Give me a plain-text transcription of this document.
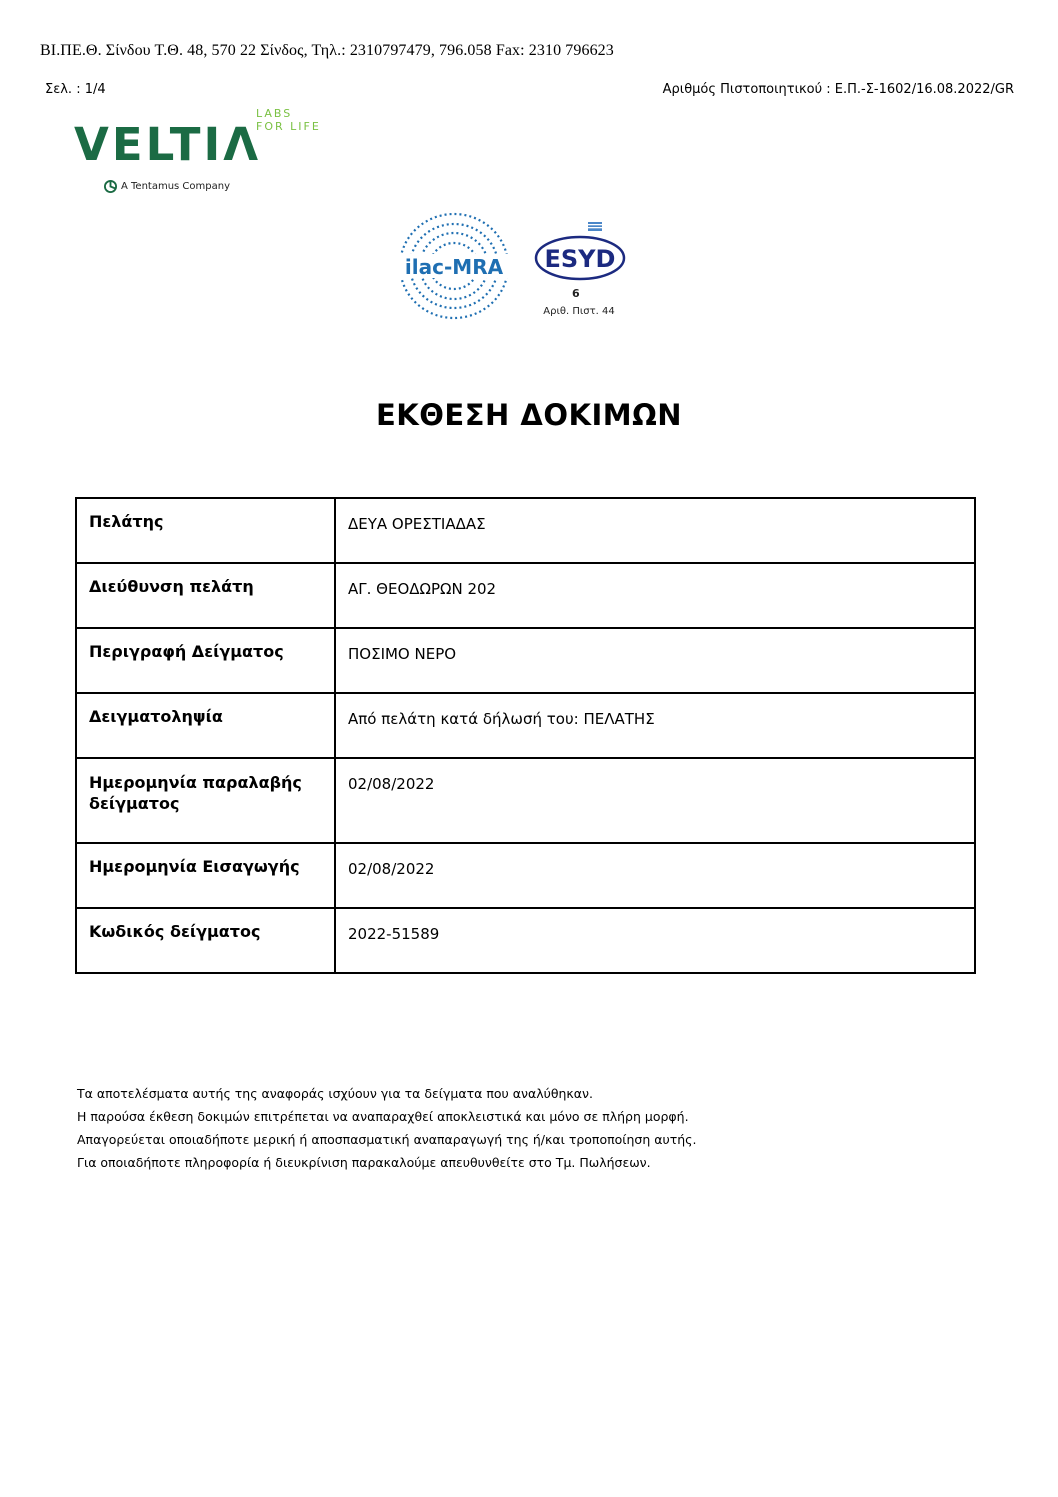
ΒΙ.ΠΕ.Θ. Σίνδου Τ.Θ. 48, 570 22 Σίνδος, Τηλ.: 2310797479, 796.058 Fax: 2310 796623
Σελ. : 1/4	Αριθμός Πιστοποιητικού : Ε.Π.-Σ-1602/16.08.2022/GR
VELTIΛ
LABS
FOR LIFE
A Tentamus Company
ilac-MRA ESYD
6
Αριθ. Πιστ. 44
ΕΚΘΕΣΗ ΔΟΚΙΜΩΝ
Πελάτης	ΔΕΥΑ ΟΡΕΣΤΙΑΔΑΣ
Διεύθυνση πελάτη	ΑΓ. ΘΕΟΔΩΡΩΝ 202
Περιγραφή Δείγματος	ΠΟΣΙΜΟ ΝΕΡΟ
Δειγματοληψία	Από πελάτη κατά δήλωσή του: ΠΕΛΑΤΗΣ
Ημερομηνία παραλαβής δείγματος	02/08/2022
Ημερομηνία Εισαγωγής	02/08/2022
Κωδικός δείγματος	2022-51589
Τα αποτελέσματα αυτής της αναφοράς ισχύουν για τα δείγματα που αναλύθηκαν.
Η παρούσα έκθεση δοκιμών επιτρέπεται να αναπαραχθεί αποκλειστικά και μόνο σε πλήρη μορφή.
Απαγορεύεται οποιαδήποτε μερική ή αποσπασματική αναπαραγωγή της ή/και τροποποίηση αυτής.
Για οποιαδήποτε πληροφορία ή διευκρίνιση παρακαλούμε απευθυνθείτε στο Τμ. Πωλήσεων.
